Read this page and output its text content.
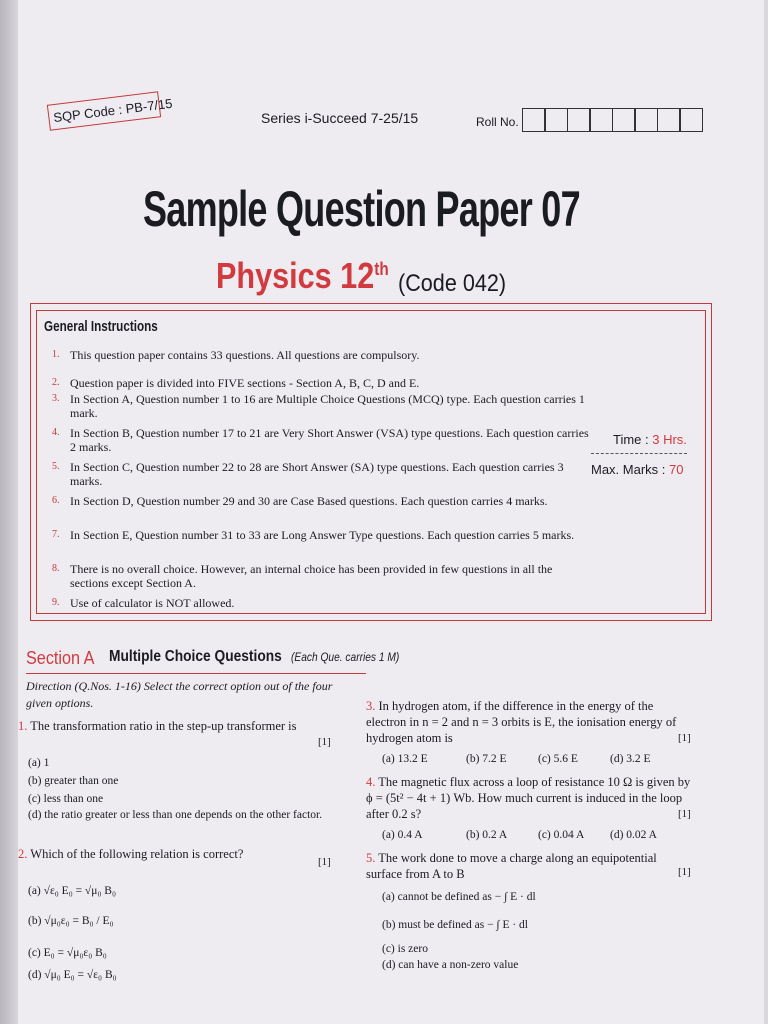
SQP Code : PB-7/15	Series i-Succeed 7-25/15	Roll No.
Sample Question Paper 07
Physics 12th
(Code 042)
General Instructions
1. This question paper contains 33 questions. All questions are compulsory.
2. Question paper is divided into FIVE sections - Section A, B, C, D and E.
3. In Section A, Question number 1 to 16 are Multiple Choice Questions (MCQ) type. Each question carries 1 mark.
4. In Section B, Question number 17 to 21 are Very Short Answer (VSA) type questions. Each question carries 2 marks.
5. In Section C, Question number 22 to 28 are Short Answer (SA) type questions. Each question carries 3 marks.
6. In Section D, Question number 29 and 30 are Case Based questions. Each question carries 4 marks.
7. In Section E, Question number 31 to 33 are Long Answer Type questions. Each question carries 5 marks.
8. There is no overall choice. However, an internal choice has been provided in few questions in all the sections except Section A.
9. Use of calculator is NOT allowed.
Time : 3 Hrs.
Max. Marks : 70
Section A Multiple Choice Questions (Each Que. carries 1 M)
Direction (Q.Nos. 1-16) Select the correct option out of the four given options.
1. The transformation ratio in the step-up transformer is
[1]
(a) 1
(b) greater than one
(c) less than one
(d) the ratio greater or less than one depends on the other factor.
2. Which of the following relation is correct?
[1]
(a) √ε₀ E₀ = √μ₀ B₀
(b) √μ₀ε₀ = B₀ / E₀
(c) E₀ = √μ₀ε₀ B₀
(d) √μ₀ E₀ = √ε₀ B₀
3. In hydrogen atom, if the difference in the energy of the electron in n = 2 and n = 3 orbits is E, the ionisation energy of hydrogen atom is	[1]
(a) 13.2 E	(b) 7.2 E	(c) 5.6 E	(d) 3.2 E
4. The magnetic flux across a loop of resistance 10 Ω is given by ϕ = (5t² − 4t + 1) Wb. How much current is induced in the loop after 0.2 s?	[1]
(a) 0.4 A	(b) 0.2 A	(c) 0.04 A (d) 0.02 A
5. The work done to move a charge along an equipotential surface from A to B	[1]
(a) cannot be defined as − ∫ E · dl
(b) must be defined as − ∫ E · dl
(c) is zero
(d) can have a non-zero value
